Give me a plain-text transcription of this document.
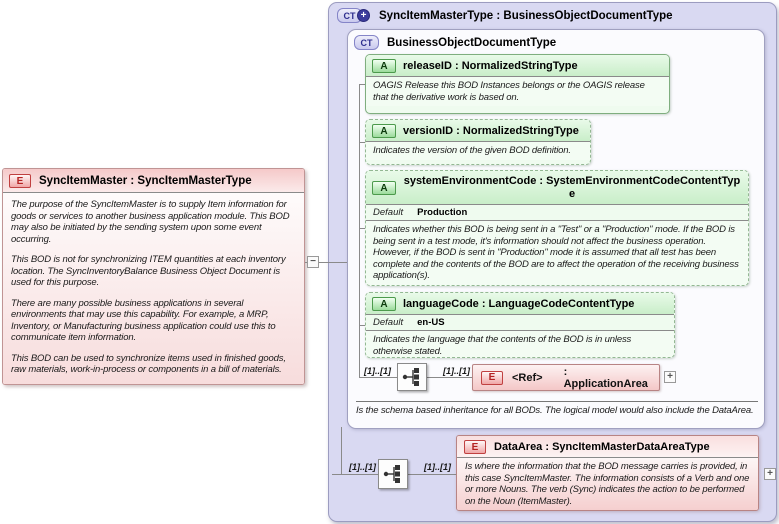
E	SyncItemMaster : SyncItemMasterType

The purpose of the SyncItemMaster is to supply Item information for goods or services to another business application module. This BOD may also be initiated by the sending system upon some event occurring.

This BOD is not for synchronizing ITEM quantities at each inventory location. The SyncInventoryBalance Business Object Document is used for this purpose.

There are many possible business applications in several environments that may use this capability. For example, a MRP, Inventory, or Manufacturing business application could use this to communicate item information.

This BOD can be used to synchronize items used in finished goods, raw materials, work-in-process or components in a bill of materials.

CT +	SyncItemMasterType : BusinessObjectDocumentType
CT	BusinessObjectDocumentType
A	releaseID : NormalizedStringType
OAGIS Release this BOD Instances belongs or the OAGIS release that the derivative work is based on.
A	versionID : NormalizedStringType
Indicates the version of the given BOD definition.
A
systemEnvironmentCode : SystemEnvironmentCodeContentType
Default Production
Indicates whether this BOD is being sent in a "Test" or a "Production" mode. If the BOD is being sent in a test mode, it's information should not affect the business operation. However, if the BOD is sent in "Production" mode it is assumed that all test has been complete and the contents of the BOD are to affect the operation of the receiving business application(s).
A	languageCode : LanguageCodeContentType
Default en-US
Indicates the language that the contents of the BOD is in unless otherwise stated.
[1]..[1]	[1]..[1]
E	<Ref> : ApplicationArea
+
Is the schema based inheritance for all BODs. The logical model would also include the DataArea.
[1]..[1]	[1]..[1]
E	DataArea : SyncItemMasterDataAreaType
Is where the information that the BOD message carries is provided, in this case SyncItemMaster. The information consists of a Verb and one or more Nouns. The verb (Sync) indicates the action to be performed on the Noun (ItemMaster).
+
−
